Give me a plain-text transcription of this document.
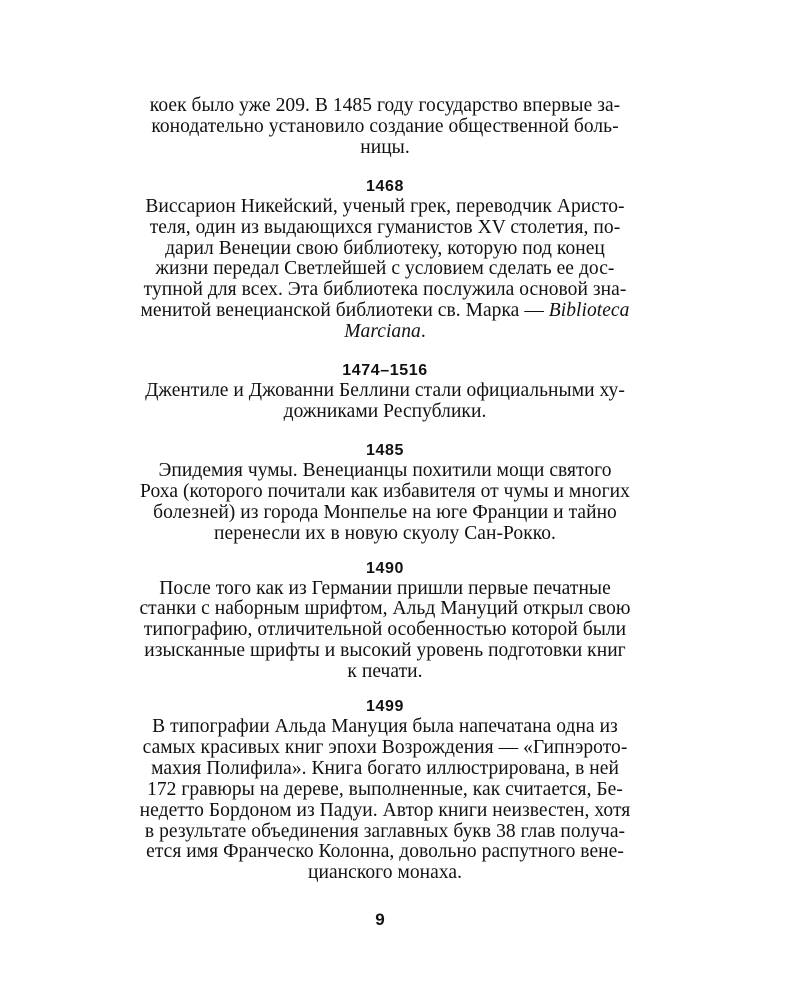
коек было уже 209. В 1485 году государство впервые за-
конодательно установило создание общественной боль-
ницы.
1468
Виссарион Никейский, ученый грек, переводчик Аристо-
теля, один из выдающихся гуманистов XV столетия, по-
дарил Венеции свою библиотеку, которую под конец
жизни передал Светлейшей с условием сделать ее дос-
тупной для всех. Эта библиотека послужила основой зна-
менитой венецианской библиотеки св. Марка — Biblioteca
Marciana.
1474–1516
Джентиле и Джованни Беллини стали официальными ху-
дожниками Республики.
1485
Эпидемия чумы. Венецианцы похитили мощи святого
Роха (которого почитали как избавителя от чумы и многих
болезней) из города Монпелье на юге Франции и тайно
перенесли их в новую скуолу Сан-Рокко.
1490
После того как из Германии пришли первые печатные
станки с наборным шрифтом, Альд Мануций открыл свою
типографию, отличительной особенностью которой были
изысканные шрифты и высокий уровень подготовки книг
к печати.
1499
В типографии Альда Мануция была напечатана одна из
самых красивых книг эпохи Возрождения — «Гипнэрото-
махия Полифила». Книга богато иллюстрирована, в ней
172 гравюры на дереве, выполненные, как считается, Бе-
недетто Бордоном из Падуи. Автор книги неизвестен, хотя
в результате объединения заглавных букв 38 глав получа-
ется имя Франческо Колонна, довольно распутного вене-
цианского монаха.
9
